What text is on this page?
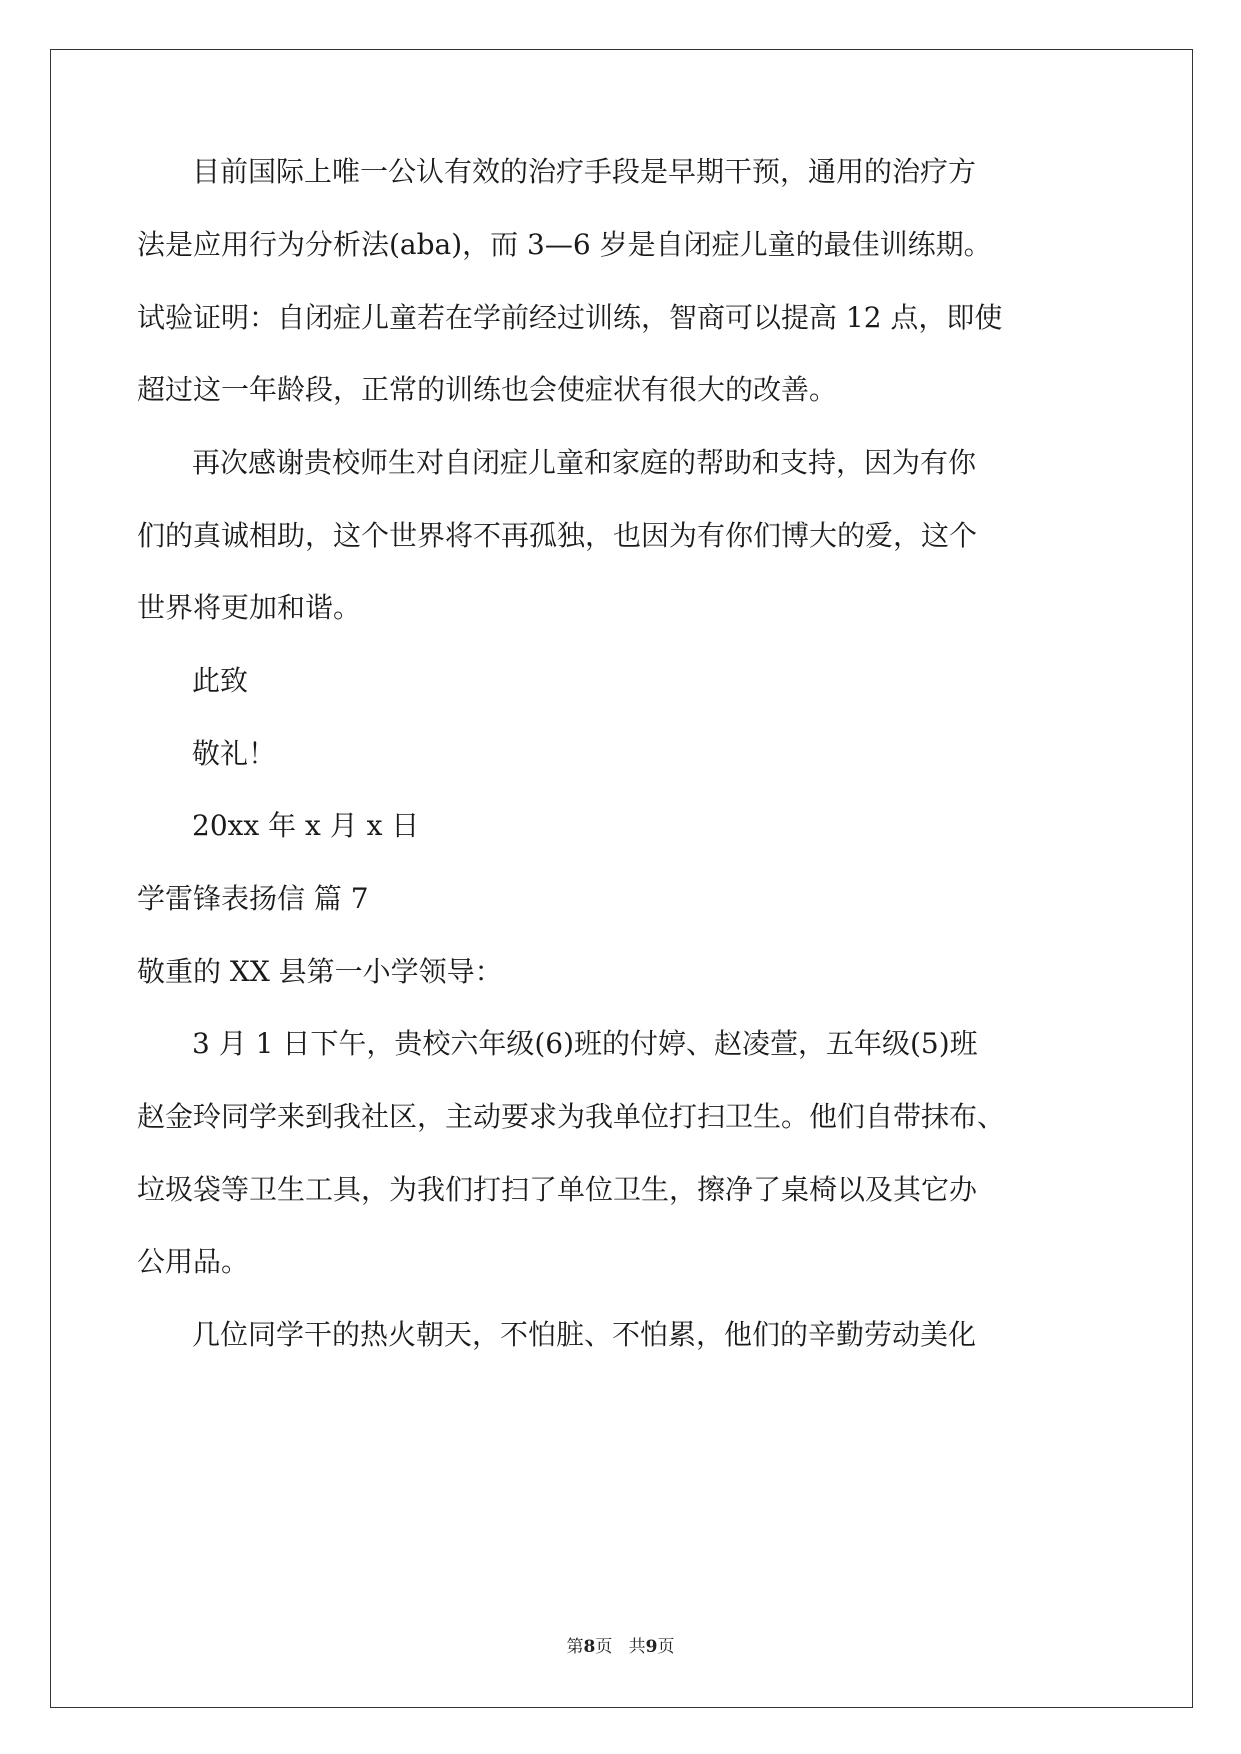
目前国际上唯一公认有效的治疗手段是早期干预，通用的治疗方
法是应用行为分析法(aba)，而 3—6 岁是自闭症儿童的最佳训练期。
试验证明：自闭症儿童若在学前经过训练，智商可以提高 12 点，即使
超过这一年龄段，正常的训练也会使症状有很大的改善。
再次感谢贵校师生对自闭症儿童和家庭的帮助和支持，因为有你
们的真诚相助，这个世界将不再孤独，也因为有你们博大的爱，这个
世界将更加和谐。
此致
敬礼！
20xx 年 x 月 x 日
学雷锋表扬信 篇 7
敬重的 XX 县第一小学领导：
3 月 1 日下午，贵校六年级(6)班的付婷、赵凌萱，五年级(5)班
赵金玲同学来到我社区，主动要求为我单位打扫卫生。他们自带抹布、
垃圾袋等卫生工具，为我们打扫了单位卫生，擦净了桌椅以及其它办
公用品。
几位同学干的热火朝天，不怕脏、不怕累，他们的辛勤劳动美化
第8页 共9页
